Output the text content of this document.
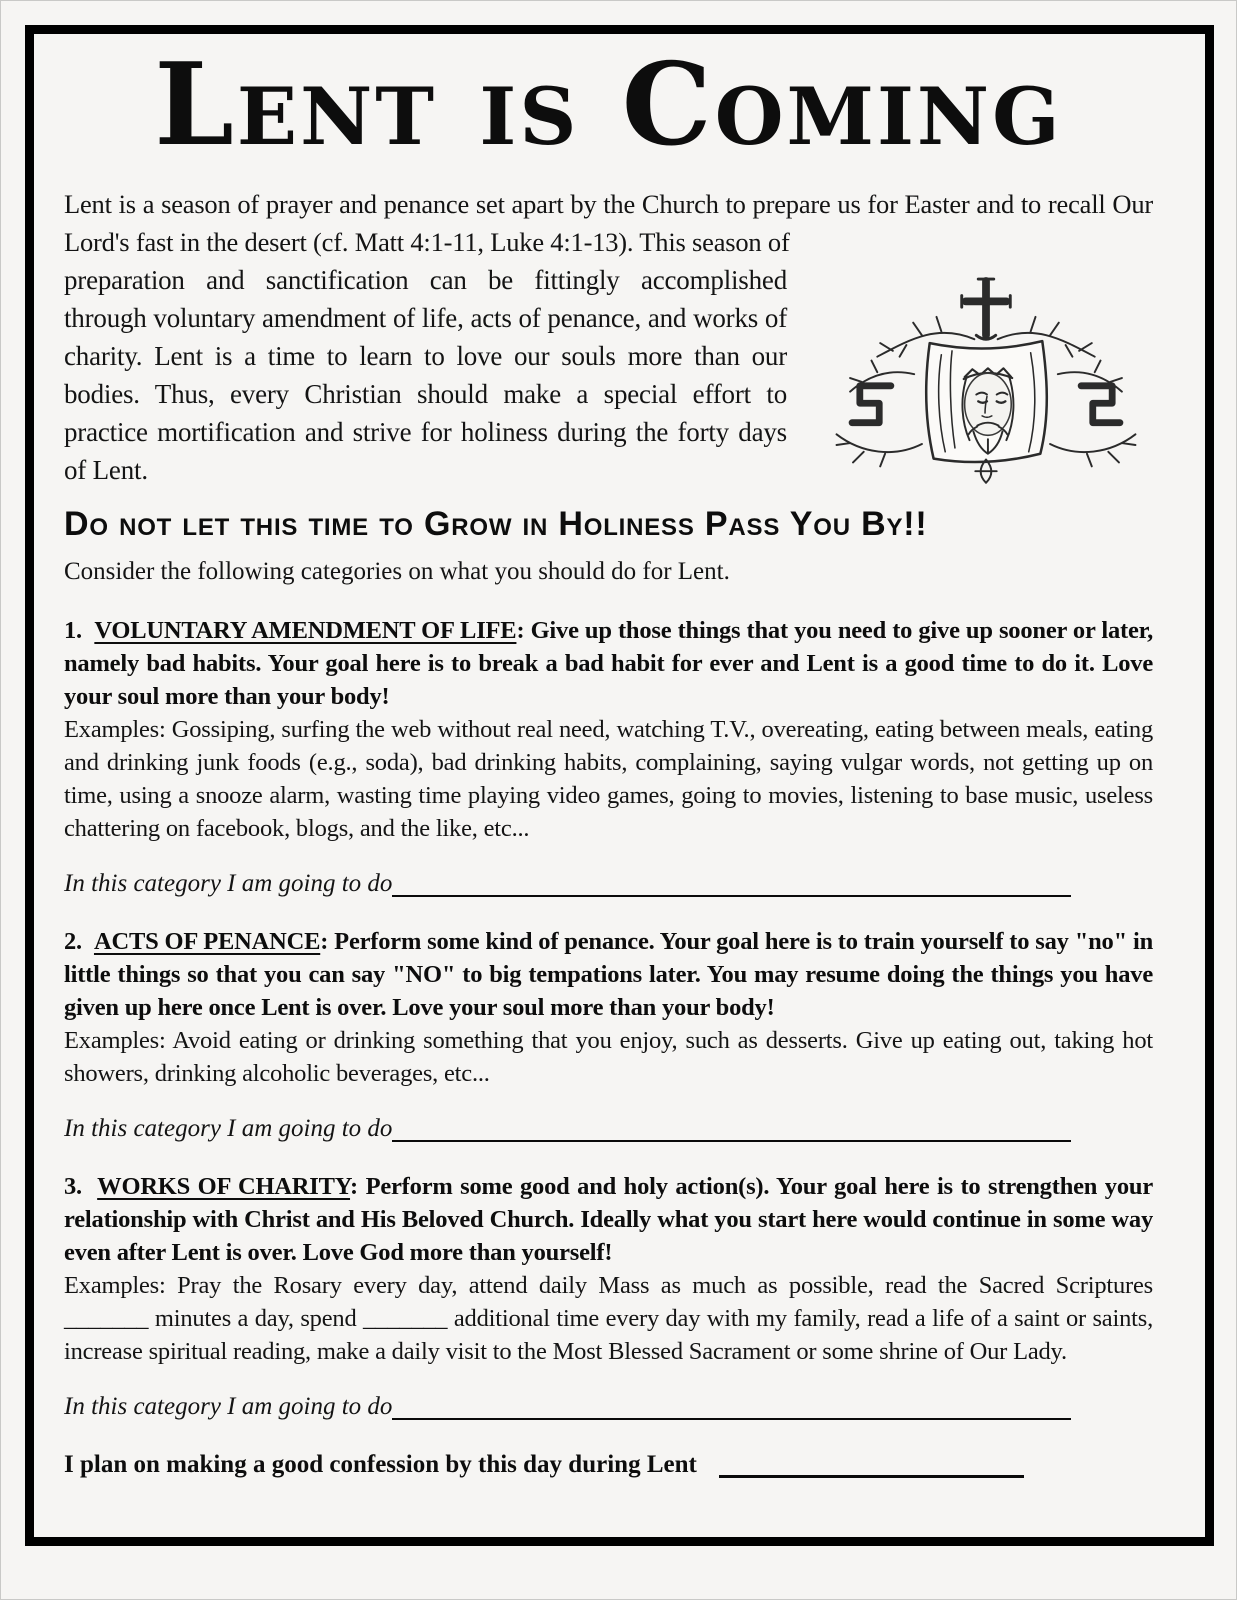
Lent is Coming

Lent is a season of prayer and penance set apart by the Church to prepare us for Easter and to recall Our Lord's fast in the desert (cf. Matt 4:1-11, Luke 4:1-13). This season of

preparation and sanctification can be fittingly accomplished through voluntary amendment of life, acts of penance, and works of charity. Lent is a time to learn to love our souls more than our bodies. Thus, every Christian should make a special effort to practice mortification and strive for holiness during the forty days of Lent.
Do not let this time to Grow in Holiness Pass You By!!

Consider the following categories on what you should do for Lent.

1. VOLUNTARY AMENDMENT OF LIFE: Give up those things that you need to give up sooner or later, namely bad habits. Your goal here is to break a bad habit for ever and Lent is a good time to do it. Love your soul more than your body!

Examples: Gossiping, surfing the web without real need, watching T.V., overeating, eating between meals, eating and drinking junk foods (e.g., soda), bad drinking habits, complaining, saying vulgar words, not getting up on time, using a snooze alarm, wasting time playing video games, going to movies, listening to base music, useless chattering on facebook, blogs, and the like, etc...

In this category I am going to do

2. ACTS OF PENANCE: Perform some kind of penance. Your goal here is to train yourself to say "no" in little things so that you can say "NO" to big tempations later. You may resume doing the things you have given up here once Lent is over. Love your soul more than your body!

Examples: Avoid eating or drinking something that you enjoy, such as desserts. Give up eating out, taking hot showers, drinking alcoholic beverages, etc...

In this category I am going to do

3. WORKS OF CHARITY: Perform some good and holy action(s). Your goal here is to strengthen your relationship with Christ and His Beloved Church. Ideally what you start here would continue in some way even after Lent is over. Love God more than yourself!

Examples: Pray the Rosary every day, attend daily Mass as much as possible, read the Sacred Scriptures _______ minutes a day, spend _______ additional time every day with my family, read a life of a saint or saints, increase spiritual reading, make a daily visit to the Most Blessed Sacrament or some shrine of Our Lady.

In this category I am going to do
I plan on making a good confession by this day during Lent
